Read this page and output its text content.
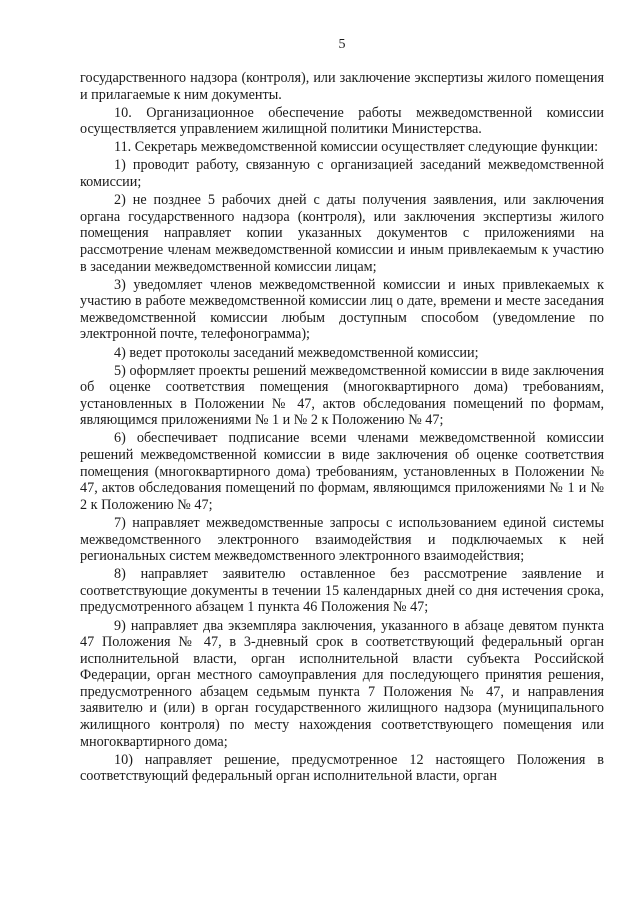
5

государственного надзора (контроля), или заключение экспертизы жилого помещения и прилагаемые к ним документы.

10. Организационное обеспечение работы межведомственной комиссии осуществляется управлением жилищной политики Министерства.

11. Секретарь межведомственной комиссии осуществляет следующие функции:

1) проводит работу, связанную с организацией заседаний межведомственной комиссии;

2) не позднее 5 рабочих дней с даты получения заявления, или заключения органа государственного надзора (контроля), или заключения экспертизы жилого помещения направляет копии указанных документов с приложениями на рассмотрение членам межведомственной комиссии и иным привлекаемым к участию в заседании межведомственной комиссии лицам;

3) уведомляет членов межведомственной комиссии и иных привлекаемых к участию в работе межведомственной комиссии лиц о дате, времени и месте заседания межведомственной комиссии любым доступным способом (уведомление по электронной почте, телефонограмма);

4) ведет протоколы заседаний межведомственной комиссии;

5) оформляет проекты решений межведомственной комиссии в виде заключения об оценке соответствия помещения (многоквартирного дома) требованиям, установленных в Положении № 47, актов обследования помещений по формам, являющимся приложениями № 1 и № 2 к Положению № 47;

6) обеспечивает подписание всеми членами межведомственной комиссии решений межведомственной комиссии в виде заключения об оценке соответствия помещения (многоквартирного дома) требованиям, установленных в Положении № 47, актов обследования помещений по формам, являющимся приложениями № 1 и № 2 к Положению № 47;

7) направляет межведомственные запросы с использованием единой системы межведомственного электронного взаимодействия и подключаемых к ней региональных систем межведомственного электронного взаимодействия;

8) направляет заявителю оставленное без рассмотрение заявление и соответствующие документы в течении 15 календарных дней со дня истечения срока, предусмотренного абзацем 1 пункта 46 Положения № 47;

9) направляет два экземпляра заключения, указанного в абзаце девятом пункта 47 Положения № 47, в 3-дневный срок в соответствующий федеральный орган исполнительной власти, орган исполнительной власти субъекта Российской Федерации, орган местного самоуправления для последующего принятия решения, предусмотренного абзацем седьмым пункта 7 Положения № 47, и направления заявителю и (или) в орган государственного жилищного надзора (муниципального жилищного контроля) по месту нахождения соответствующего помещения или многоквартирного дома;

10) направляет решение, предусмотренное 12 настоящего Положения в соответствующий федеральный орган исполнительной власти, орган
